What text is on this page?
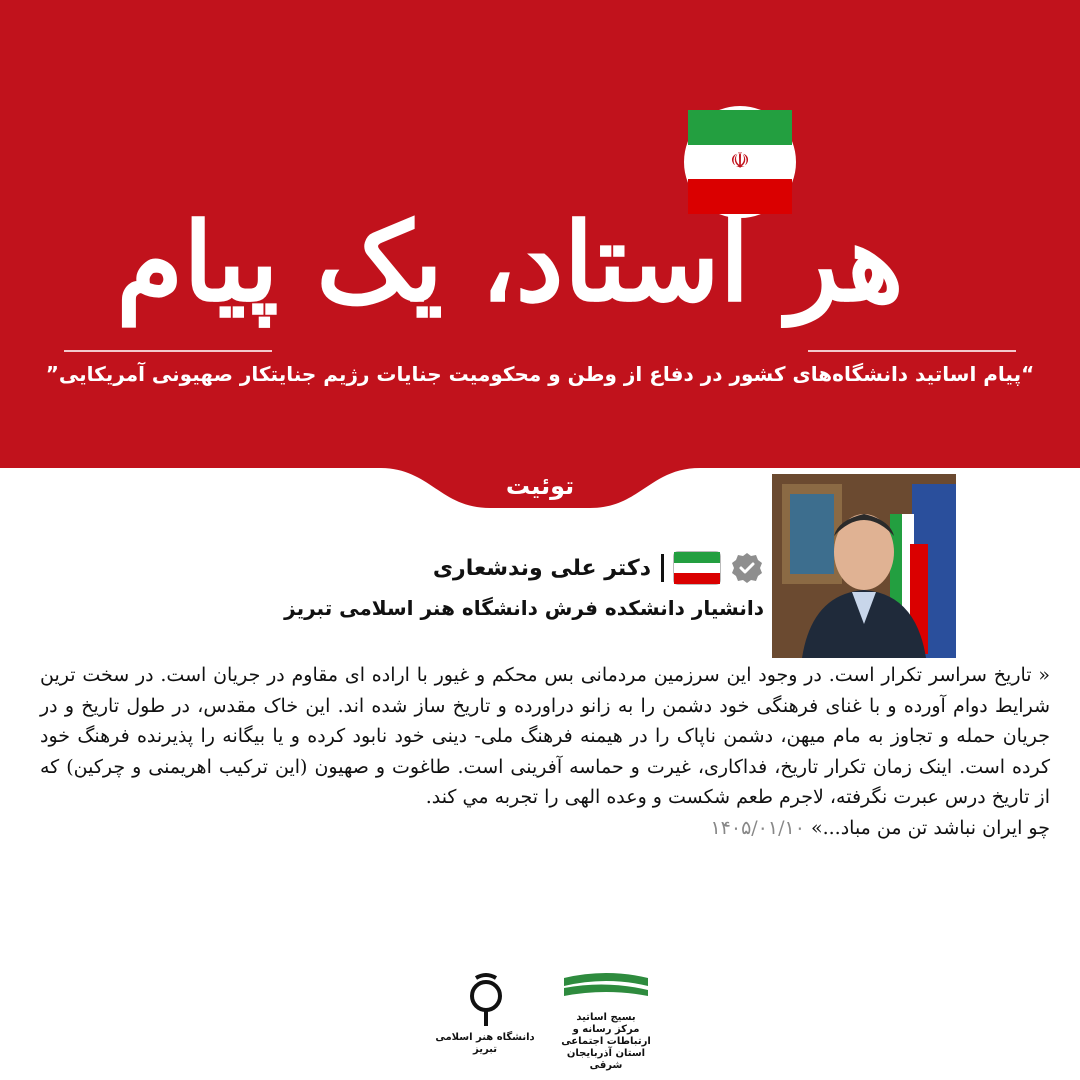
☫
هر استاد، یک پیام
“پیام اساتید دانشگاه‌های کشور در دفاع از وطن و محکومیت جنایات رژیم جنایتکار صهیونی آمریکایی”
توئیت
دکتر علی وندشعاری
دانشیار دانشکده فرش دانشگاه هنر اسلامی تبریز

« تاریخ سراسر تکرار است. در وجود این سرزمین مردمانی بس محکم و غیور با اراده ای مقاوم در جریان است. در سخت ترین شرایط دوام آورده و با غنای فرهنگی خود دشمن را به زانو دراورده و تاریخ ساز شده اند. این خاک مقدس، در طول تاریخ و در جریان حمله و تجاوز به مام میهن، دشمن ناپاک را در هیمنه فرهنگ ملی- دینی خود نابود کرده و یا بیگانه را پذیرنده فرهنگ خود کرده است. اینک زمان تکرار تاریخ، فداکاری، غیرت و حماسه آفرینی است. طاغوت و صهیون (این ترکیب اهریمنی و چرکین) که از تاریخ درس عبرت نگرفته، لاجرم طعم شکست و وعده الهی را تجربه مي کند.

چو ایران نباشد تن من مباد...» ۱۴۰۵/۰۱/۱۰

بسیج اساتید
مرکز رسانه و ارتباطات اجتماعی
استان آذربایجان شرقی
دانشگاه هنر اسلامی تبریز
